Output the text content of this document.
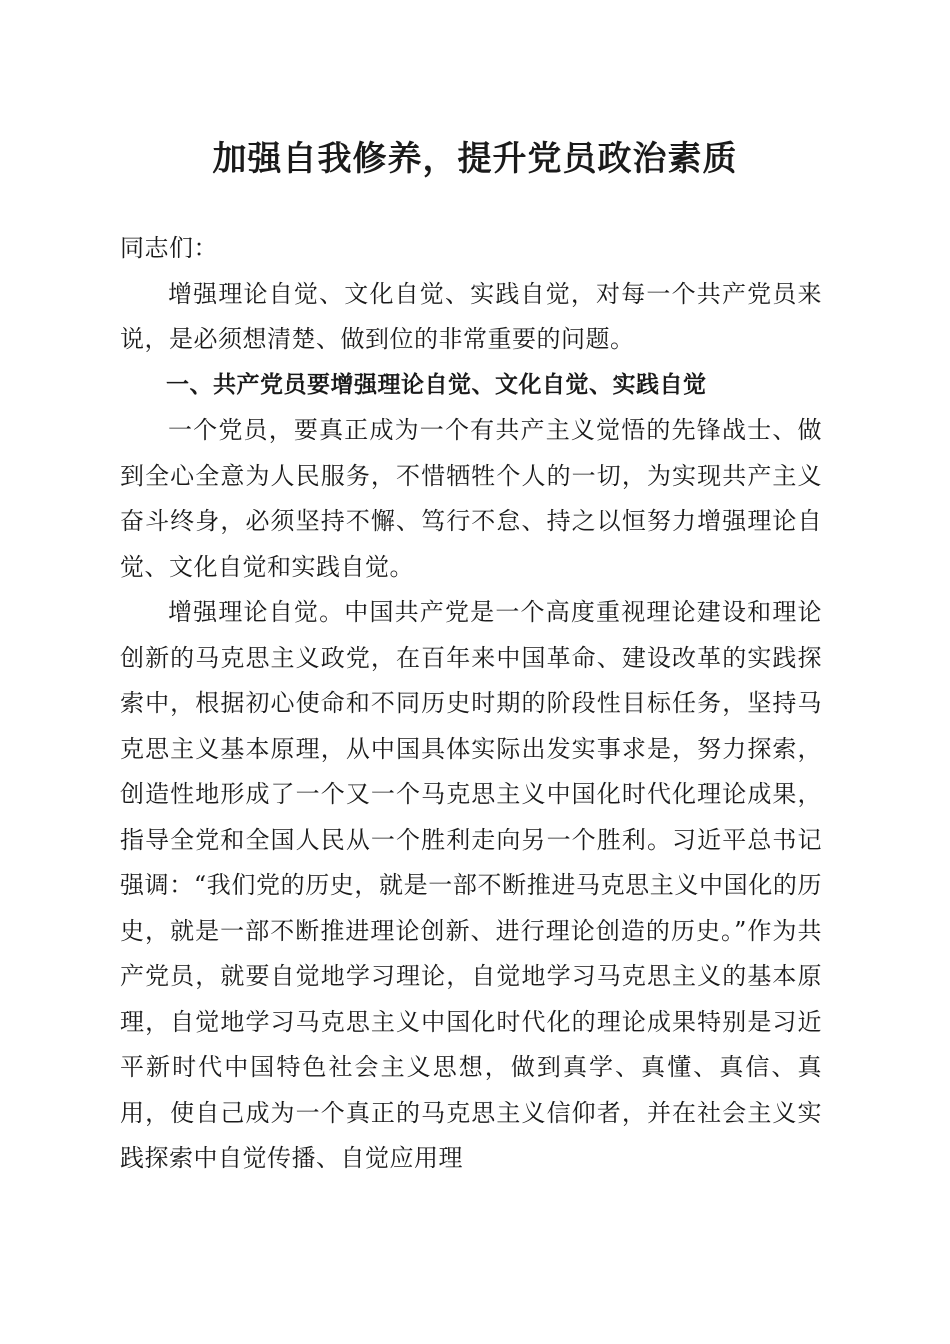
加强自我修养，提升党员政治素质

同志们：

增强理论自觉、文化自觉、实践自觉，对每一个共产党员来说，是必须想清楚、做到位的非常重要的问题。

一、共产党员要增强理论自觉、文化自觉、实践自觉

一个党员，要真正成为一个有共产主义觉悟的先锋战士、做到全心全意为人民服务，不惜牺牲个人的一切，为实现共产主义奋斗终身，必须坚持不懈、笃行不怠、持之以恒努力增强理论自觉、文化自觉和实践自觉。

增强理论自觉。中国共产党是一个高度重视理论建设和理论创新的马克思主义政党，在百年来中国革命、建设改革的实践探索中，根据初心使命和不同历史时期的阶段性目标任务，坚持马克思主义基本原理，从中国具体实际出发实事求是，努力探索，创造性地形成了一个又一个马克思主义中国化时代化理论成果，指导全党和全国人民从一个胜利走向另一个胜利。习近平总书记强调：“我们党的历史，就是一部不断推进马克思主义中国化的历史，就是一部不断推进理论创新、进行理论创造的历史。”作为共产党员，就要自觉地学习理论，自觉地学习马克思主义的基本原理，自觉地学习马克思主义中国化时代化的理论成果特别是习近平新时代中国特色社会主义思想，做到真学、真懂、真信、真用，使自己成为一个真正的马克思主义信仰者，并在社会主义实践探索中自觉传播、自觉应用理
